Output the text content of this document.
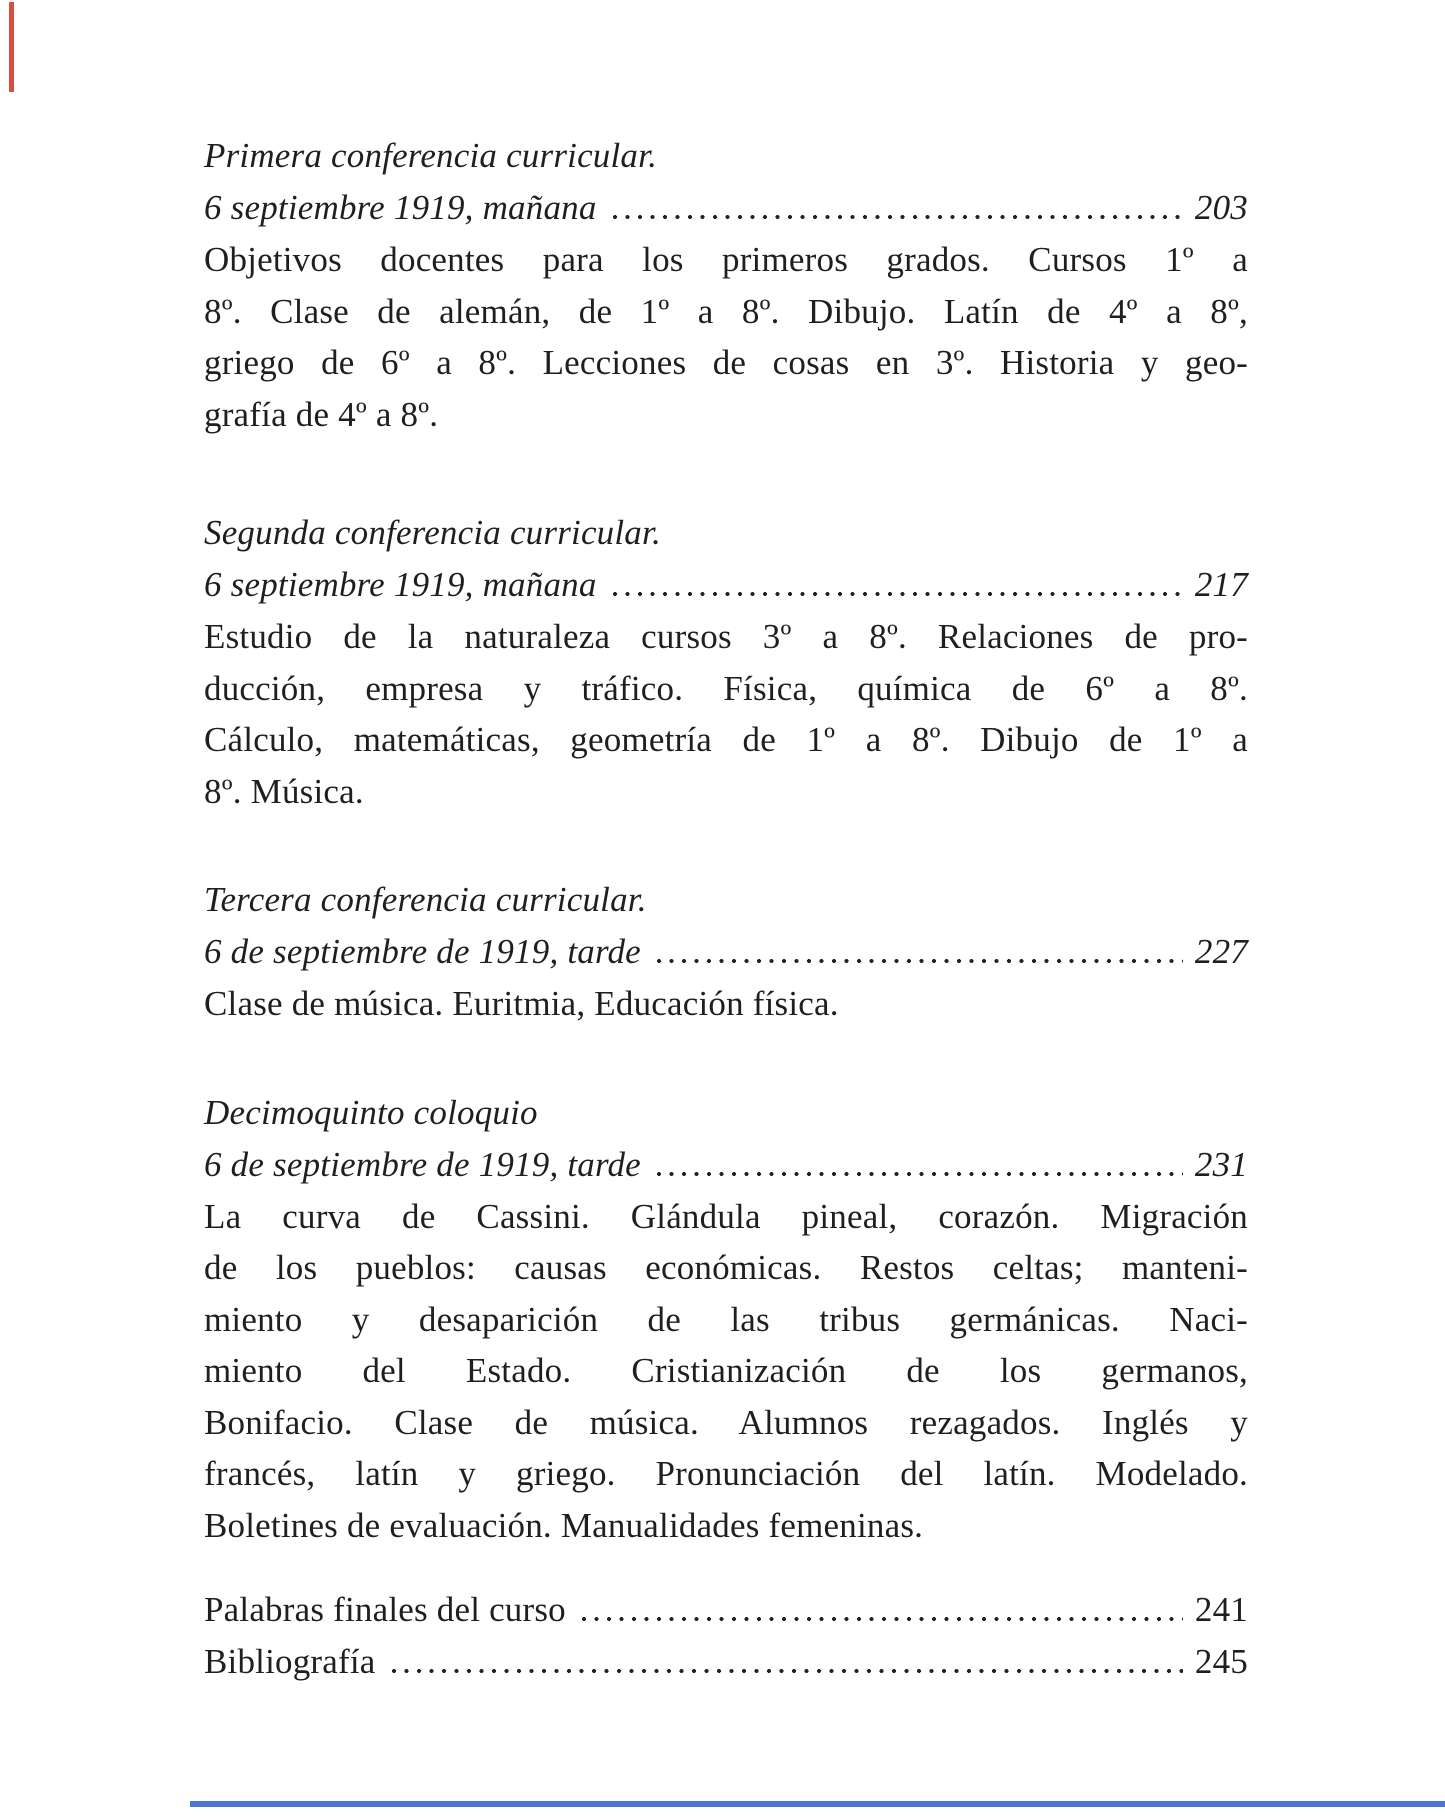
Primera conferencia curricular.
6 septiembre 1919, mañana	203
Objetivos docentes para los primeros grados. Cursos 1º a
8º. Clase de alemán, de 1º a 8º. Dibujo. Latín de 4º a 8º,
griego de 6º a 8º. Lecciones de cosas en 3º. Historia y geo-
grafía de 4º a 8º.
Segunda conferencia curricular.
6 septiembre 1919, mañana	217
Estudio de la naturaleza cursos 3º a 8º. Relaciones de pro-
ducción, empresa y tráfico. Física, química de 6º a 8º.
Cálculo, matemáticas, geometría de 1º a 8º. Dibujo de 1º a
8º. Música.
Tercera conferencia curricular.
6 de septiembre de 1919, tarde	227
Clase de música. Euritmia, Educación física.
Decimoquinto coloquio
6 de septiembre de 1919, tarde	231
La curva de Cassini. Glándula pineal, corazón. Migración
de los pueblos: causas económicas. Restos celtas; manteni-
miento y desaparición de las tribus germánicas. Naci-
miento del Estado. Cristianización de los germanos,
Bonifacio. Clase de música. Alumnos rezagados. Inglés y
francés, latín y griego. Pronunciación del latín. Modelado.
Boletines de evaluación. Manualidades femeninas.
Palabras finales del curso	241
Bibliografía	245
